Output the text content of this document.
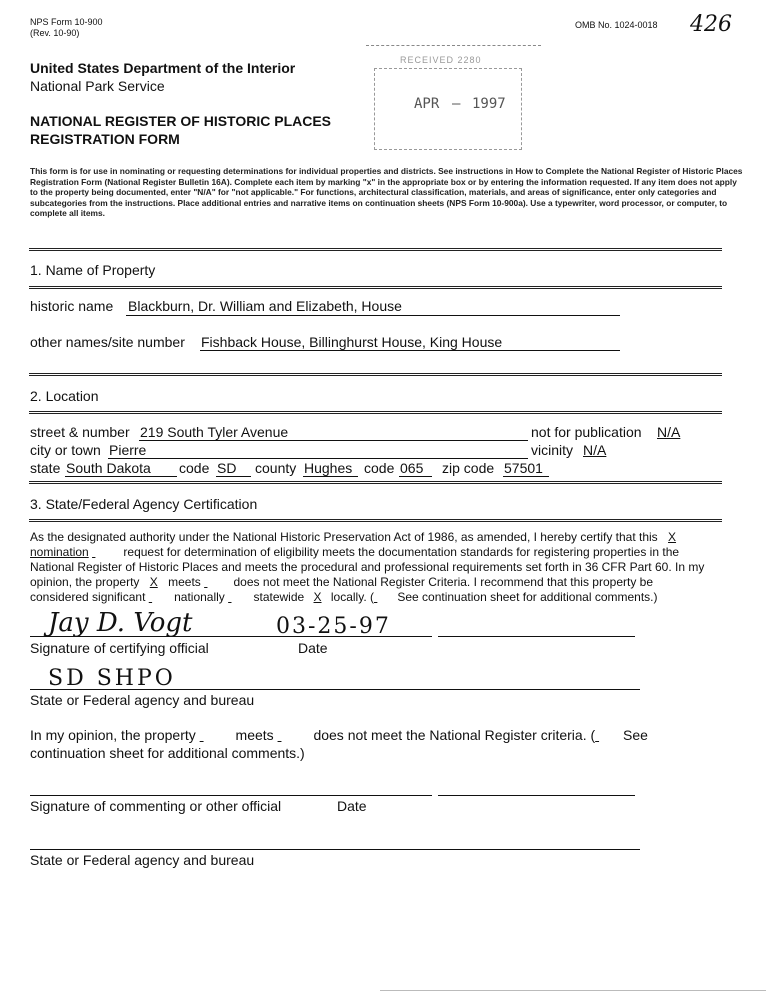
NPS Form 10-900
(Rev. 10-90)
OMB No. 1024-0018 426
United States Department of the Interior
National Park Service
NATIONAL REGISTER OF HISTORIC PLACES
REGISTRATION FORM
RECEIVED 2280
APR – 1997
This form is for use in nominating or requesting determinations for individual properties and districts. See instructions in How to Complete the National Register of Historic Places Registration Form (National Register Bulletin 16A). Complete each item by marking "x" in the appropriate box or by entering the information requested. If any item does not apply to the property being documented, enter "N/A" for "not applicable." For functions, architectural classification, materials, and areas of significance, enter only categories and subcategories from the instructions. Place additional entries and narrative items on continuation sheets (NPS Form 10-900a). Use a typewriter, word processor, or computer, to complete all items.
1. Name of Property
historic name Blackburn, Dr. William and Elizabeth, House
other names/site number Fishback House, Billinghurst House, King House
2. Location
street & number 219 South Tyler Avenue	not for publication N/A
city or town Pierre	vicinity N/A
state South Dakota code SD county Hughes code 065 zip code 57501
3. State/Federal Agency Certification
As the designated authority under the National Historic Preservation Act of 1986, as amended, I hereby certify that this X
nomination	request for determination of eligibility meets the documentation standards for registering properties in the
National Register of Historic Places and meets the procedural and professional requirements set forth in 36 CFR Part 60. In my
opinion, the property X meets	does not meet the National Register Criteria. I recommend that this property be
considered significant nationally statewide X locally. ( See continuation sheet for additional comments.)
Jay D. Vogt	03-25-97
Signature of certifying official	Date
SD SHPO
State or Federal agency and bureau
In my opinion, the property	meets	does not meet the National Register criteria. ( See
continuation sheet for additional comments.)
Signature of commenting or other official	Date
State or Federal agency and bureau
